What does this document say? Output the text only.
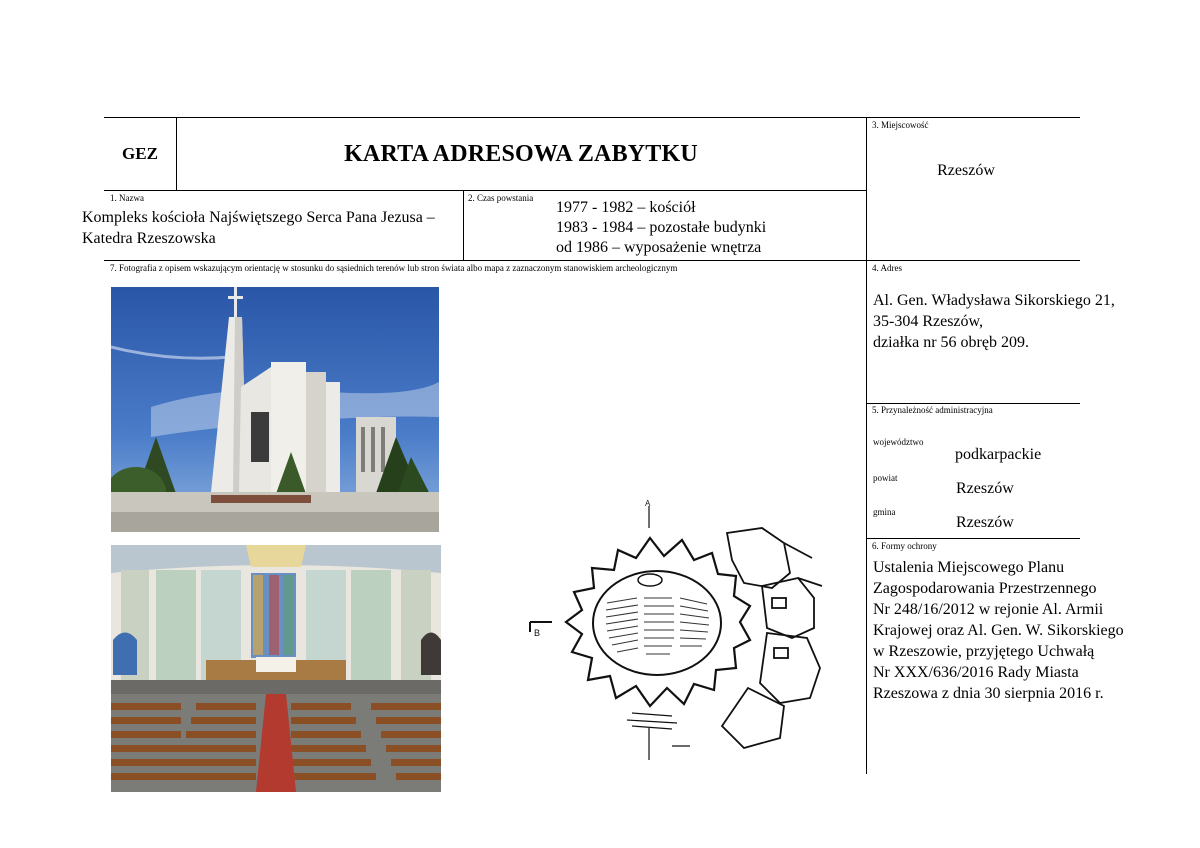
GEZ	KARTA ADRESOWA ZABYTKU
3. Miejscowość
Rzeszów
1. Nazwa
Kompleks kościoła Najświętszego Serca Pana Jezusa –
Katedra Rzeszowska
2. Czas powstania
1977 - 1982 – kościół
1983 - 1984 – pozostałe budynki
od 1986 – wyposażenie wnętrza
7. Fotografia z opisem wskazującym orientację w stosunku do sąsiednich terenów lub stron świata albo mapa z zaznaczonym stanowiskiem archeologicznym	4. Adres
Al. Gen. Władysława Sikorskiego 21,
35-304 Rzeszów,
działka nr 56 obręb 209.
5. Przynależność administracyjna
województwo
podkarpackie
powiat
Rzeszów
gmina
Rzeszów
6. Formy ochrony
Ustalenia Miejscowego Planu
Zagospodarowania Przestrzennego
Nr 248/16/2012 w rejonie Al. Armii
Krajowej oraz Al. Gen. W. Sikorskiego
w Rzeszowie, przyjętego Uchwałą
Nr XXX/636/2016 Rady Miasta
Rzeszowa z dnia 30 sierpnia 2016 r.
B
A
